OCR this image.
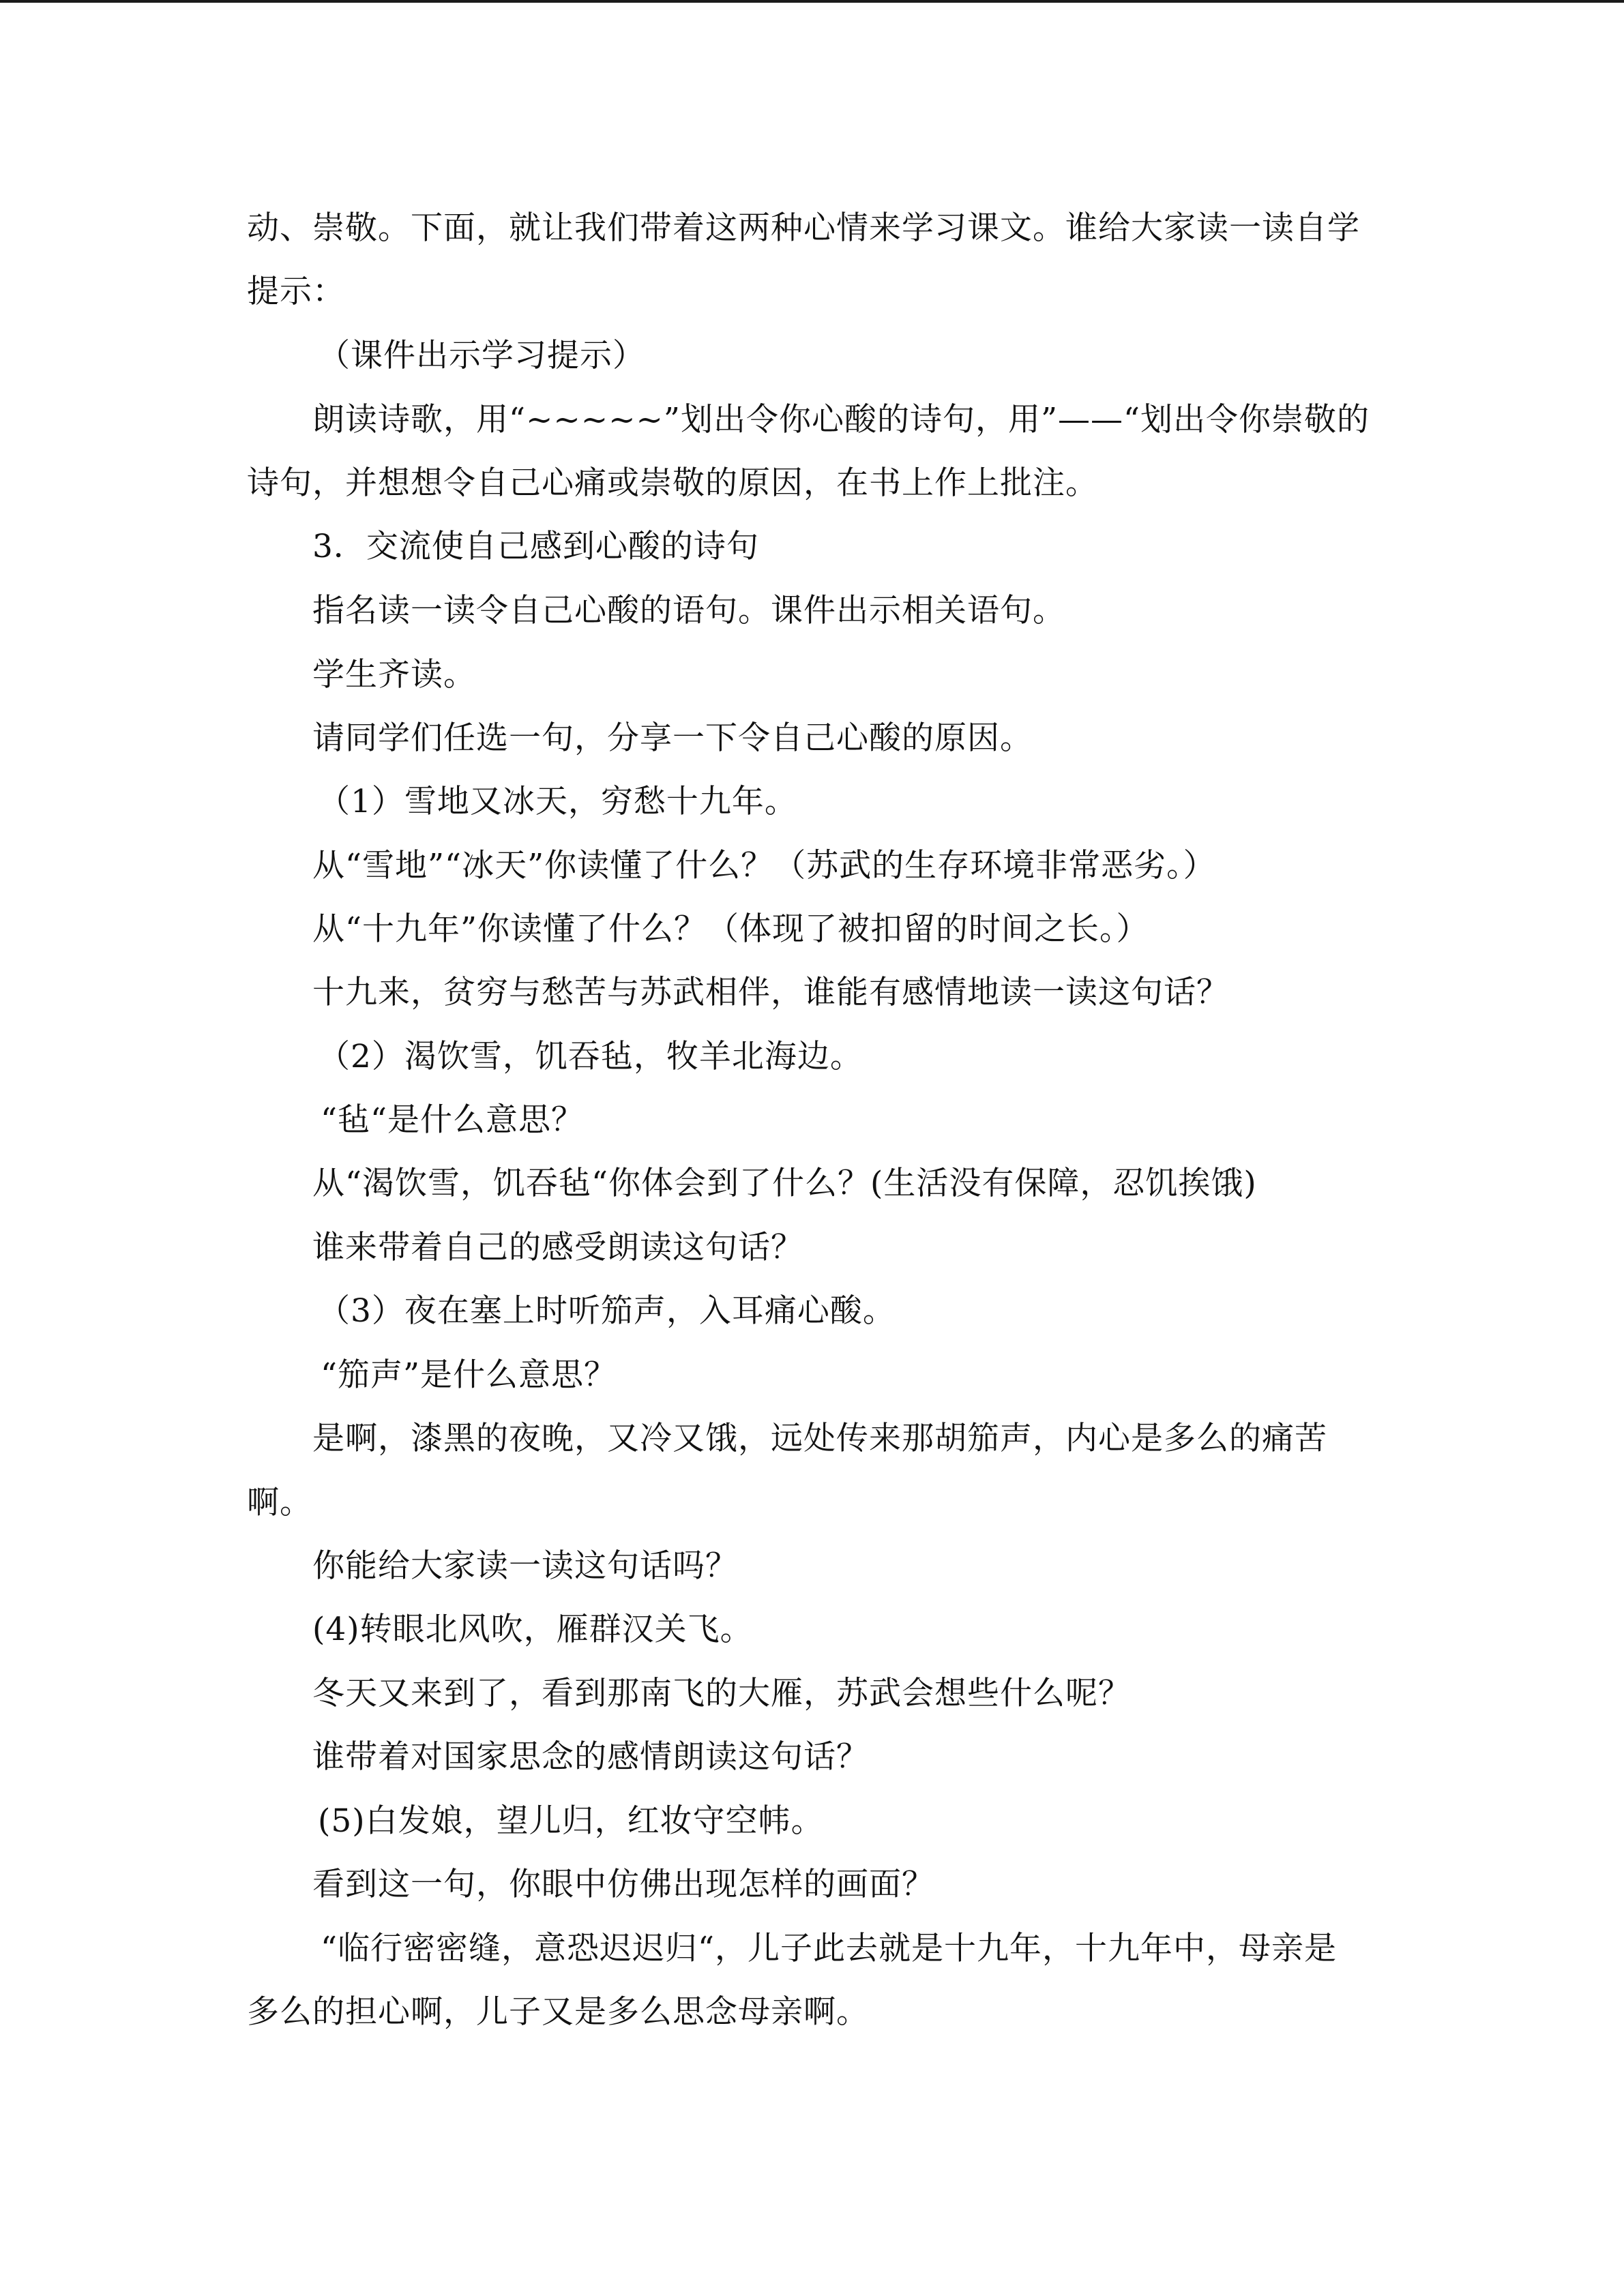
动、崇敬。下面，就让我们带着这两种心情来学习课文。谁给大家读一读自学
提示：
（课件出示学习提示）
朗读诗歌，用“~~~~~”划出令你心酸的诗句，用”——“划出令你崇敬的
诗句，并想想令自己心痛或崇敬的原因，在书上作上批注。
3．交流使自己感到心酸的诗句
指名读一读令自己心酸的语句。课件出示相关语句。
学生齐读。
请同学们任选一句，分享一下令自己心酸的原因。
（1）雪地又冰天，穷愁十九年。
从“雪地”“冰天”你读懂了什么？（苏武的生存环境非常恶劣。）
从“十九年”你读懂了什么？（体现了被扣留的时间之长。）
十九来，贫穷与愁苦与苏武相伴，谁能有感情地读一读这句话？
（2）渴饮雪，饥吞毡，牧羊北海边。
“毡“是什么意思？
从“渴饮雪，饥吞毡“你体会到了什么？(生活没有保障，忍饥挨饿)
谁来带着自己的感受朗读这句话？
（3）夜在塞上时听笳声，入耳痛心酸。
“笳声”是什么意思？
是啊，漆黑的夜晚，又冷又饿，远处传来那胡笳声，内心是多么的痛苦
啊。
你能给大家读一读这句话吗？
(4)转眼北风吹，雁群汉关飞。
冬天又来到了，看到那南飞的大雁，苏武会想些什么呢？
谁带着对国家思念的感情朗读这句话？
(5)白发娘，望儿归，红妆守空帏。
看到这一句，你眼中仿佛出现怎样的画面？
“临行密密缝，意恐迟迟归“，儿子此去就是十九年，十九年中，母亲是
多么的担心啊，儿子又是多么思念母亲啊。
